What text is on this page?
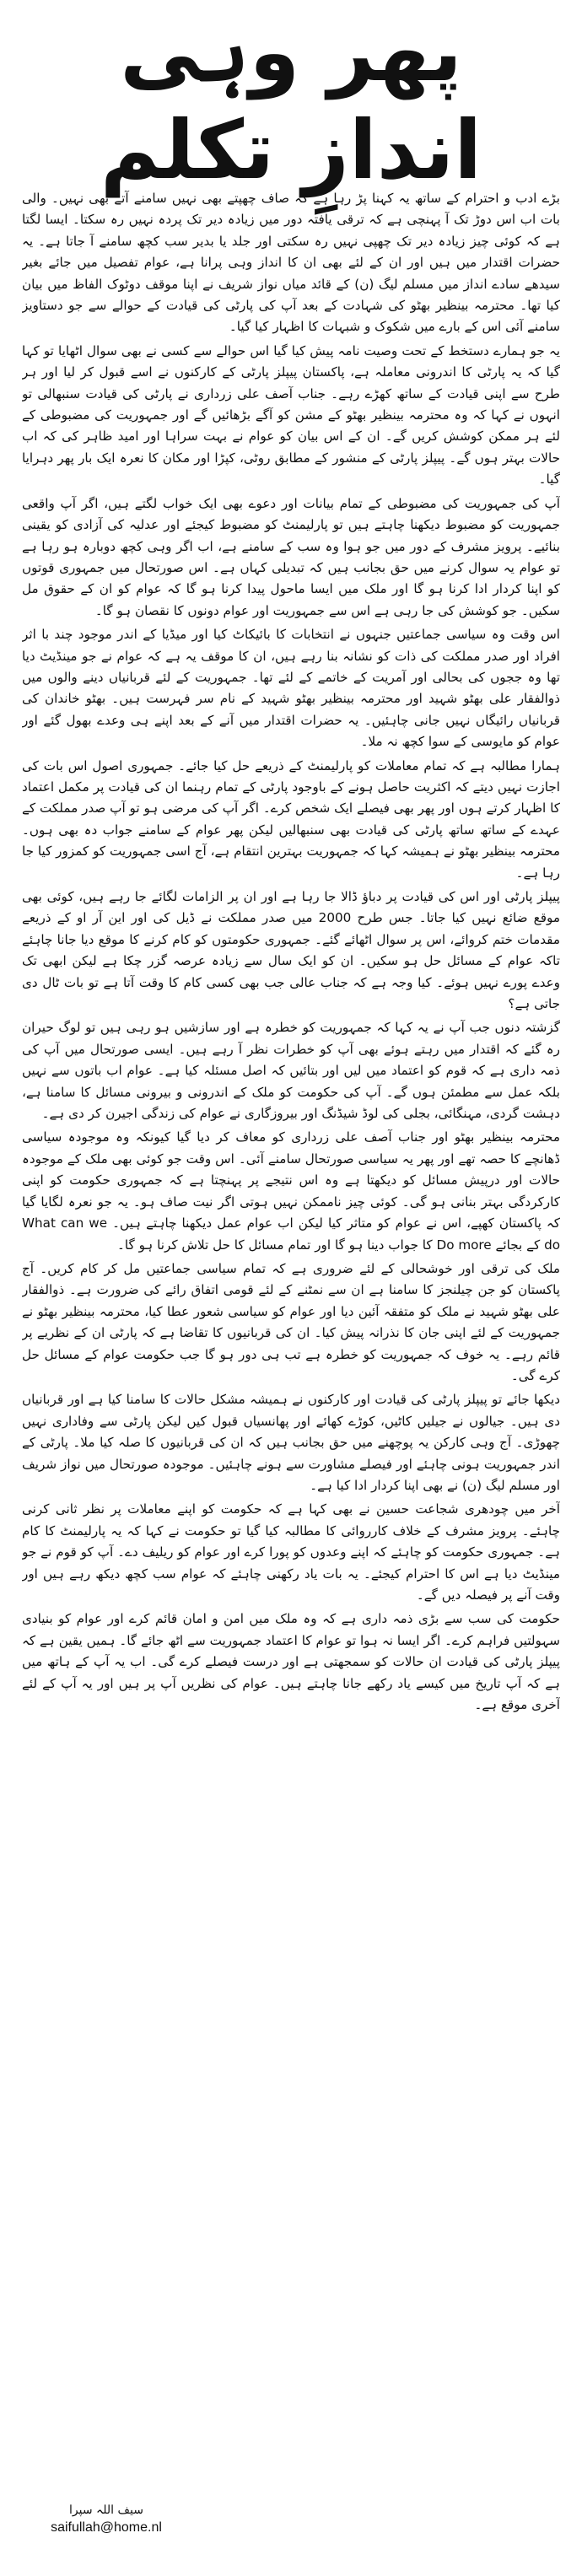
پھر وہی اندازِ تکلم

بڑے ادب و احترام کے ساتھ یہ کہنا پڑ رہا ہے کہ صاف چھپتے بھی نہیں سامنے آتے بھی نہیں۔ والی بات اب اس دوڑ تک آ پہنچی ہے کہ ترقی یافتہ دور میں زیادہ دیر تک پردہ نہیں رہ سکتا۔ ایسا لگتا ہے کہ کوئی چیز زیادہ دیر تک چھپی نہیں رہ سکتی اور جلد یا بدیر سب کچھ سامنے آ جاتا ہے۔ یہ حضرات اقتدار میں ہیں اور ان کے لئے بھی ان کا انداز وہی پرانا ہے، عوام تفصیل میں جائے بغیر سیدھے سادے انداز میں مسلم لیگ (ن) کے قائد میاں نواز شریف نے اپنا موقف دوٹوک الفاظ میں بیان کیا تھا۔ محترمہ بینظیر بھٹو کی شہادت کے بعد آپ کی پارٹی کی قیادت کے حوالے سے جو دستاویز سامنے آئی اس کے بارے میں شکوک و شبہات کا اظہار کیا گیا۔

یہ جو ہمارے دستخط کے تحت وصیت نامہ پیش کیا گیا اس حوالے سے کسی نے بھی سوال اٹھایا تو کہا گیا کہ یہ پارٹی کا اندرونی معاملہ ہے، پاکستان پیپلز پارٹی کے کارکنوں نے اسے قبول کر لیا اور ہر طرح سے اپنی قیادت کے ساتھ کھڑے رہے۔ جناب آصف علی زرداری نے پارٹی کی قیادت سنبھالی تو انہوں نے کہا کہ وہ محترمہ بینظیر بھٹو کے مشن کو آگے بڑھائیں گے اور جمہوریت کی مضبوطی کے لئے ہر ممکن کوشش کریں گے۔ ان کے اس بیان کو عوام نے بہت سراہا اور امید ظاہر کی کہ اب حالات بہتر ہوں گے۔ پیپلز پارٹی کے منشور کے مطابق روٹی، کپڑا اور مکان کا نعرہ ایک بار پھر دہرایا گیا۔

آپ کی جمہوریت کی مضبوطی کے تمام بیانات اور دعوے بھی ایک خواب لگتے ہیں، اگر آپ واقعی جمہوریت کو مضبوط دیکھنا چاہتے ہیں تو پارلیمنٹ کو مضبوط کیجئے اور عدلیہ کی آزادی کو یقینی بنائیے۔ پرویز مشرف کے دور میں جو ہوا وہ سب کے سامنے ہے، اب اگر وہی کچھ دوبارہ ہو رہا ہے تو عوام یہ سوال کرنے میں حق بجانب ہیں کہ تبدیلی کہاں ہے۔ اس صورتحال میں جمہوری قوتوں کو اپنا کردار ادا کرنا ہو گا اور ملک میں ایسا ماحول پیدا کرنا ہو گا کہ عوام کو ان کے حقوق مل سکیں۔ جو کوشش کی جا رہی ہے اس سے جمہوریت اور عوام دونوں کا نقصان ہو گا۔

اس وقت وہ سیاسی جماعتیں جنہوں نے انتخابات کا بائیکاٹ کیا اور میڈیا کے اندر موجود چند با اثر افراد اور صدر مملکت کی ذات کو نشانہ بنا رہے ہیں، ان کا موقف یہ ہے کہ عوام نے جو مینڈیٹ دیا تھا وہ ججوں کی بحالی اور آمریت کے خاتمے کے لئے تھا۔ جمہوریت کے لئے قربانیاں دینے والوں میں ذوالفقار علی بھٹو شہید اور محترمہ بینظیر بھٹو شہید کے نام سر فہرست ہیں۔ بھٹو خاندان کی قربانیاں رائیگاں نہیں جانی چاہئیں۔ یہ حضرات اقتدار میں آنے کے بعد اپنے ہی وعدے بھول گئے اور عوام کو مایوسی کے سوا کچھ نہ ملا۔

ہمارا مطالبہ ہے کہ تمام معاملات کو پارلیمنٹ کے ذریعے حل کیا جائے۔ جمہوری اصول اس بات کی اجازت نہیں دیتے کہ اکثریت حاصل ہونے کے باوجود پارٹی کے تمام رہنما ان کی قیادت پر مکمل اعتماد کا اظہار کرتے ہوں اور پھر بھی فیصلے ایک شخص کرے۔ اگر آپ کی مرضی ہو تو آپ صدر مملکت کے عہدے کے ساتھ ساتھ پارٹی کی قیادت بھی سنبھالیں لیکن پھر عوام کے سامنے جواب دہ بھی ہوں۔ محترمہ بینظیر بھٹو نے ہمیشہ کہا کہ جمہوریت بہترین انتقام ہے، آج اسی جمہوریت کو کمزور کیا جا رہا ہے۔

پیپلز پارٹی اور اس کی قیادت پر دباؤ ڈالا جا رہا ہے اور ان پر الزامات لگائے جا رہے ہیں، کوئی بھی موقع ضائع نہیں کیا جاتا۔ جس طرح 2000 میں صدر مملکت نے ڈیل کی اور این آر او کے ذریعے مقدمات ختم کروائے، اس پر سوال اٹھائے گئے۔ جمہوری حکومتوں کو کام کرنے کا موقع دیا جانا چاہئے تاکہ عوام کے مسائل حل ہو سکیں۔ ان کو ایک سال سے زیادہ عرصہ گزر چکا ہے لیکن ابھی تک وعدے پورے نہیں ہوئے۔ کیا وجہ ہے کہ جناب عالی جب بھی کسی کام کا وقت آتا ہے تو بات ٹال دی جاتی ہے؟

گزشتہ دنوں جب آپ نے یہ کہا کہ جمہوریت کو خطرہ ہے اور سازشیں ہو رہی ہیں تو لوگ حیران رہ گئے کہ اقتدار میں رہتے ہوئے بھی آپ کو خطرات نظر آ رہے ہیں۔ ایسی صورتحال میں آپ کی ذمہ داری ہے کہ قوم کو اعتماد میں لیں اور بتائیں کہ اصل مسئلہ کیا ہے۔ عوام اب باتوں سے نہیں بلکہ عمل سے مطمئن ہوں گے۔ آپ کی حکومت کو ملک کے اندرونی و بیرونی مسائل کا سامنا ہے، دہشت گردی، مہنگائی، بجلی کی لوڈ شیڈنگ اور بیروزگاری نے عوام کی زندگی اجیرن کر دی ہے۔

محترمہ بینظیر بھٹو اور جناب آصف علی زرداری کو معاف کر دیا گیا کیونکہ وہ موجودہ سیاسی ڈھانچے کا حصہ تھے اور پھر یہ سیاسی صورتحال سامنے آئی۔ اس وقت جو کوئی بھی ملک کے موجودہ حالات اور درپیش مسائل کو دیکھتا ہے وہ اس نتیجے پر پہنچتا ہے کہ جمہوری حکومت کو اپنی کارکردگی بہتر بنانی ہو گی۔ کوئی چیز ناممکن نہیں ہوتی اگر نیت صاف ہو۔ یہ جو نعرہ لگایا گیا کہ پاکستان کھپے، اس نے عوام کو متاثر کیا لیکن اب عوام عمل دیکھنا چاہتے ہیں۔ What can we do کے بجائے Do more کا جواب دینا ہو گا اور تمام مسائل کا حل تلاش کرنا ہو گا۔

ملک کی ترقی اور خوشحالی کے لئے ضروری ہے کہ تمام سیاسی جماعتیں مل کر کام کریں۔ آج پاکستان کو جن چیلنجز کا سامنا ہے ان سے نمٹنے کے لئے قومی اتفاق رائے کی ضرورت ہے۔ ذوالفقار علی بھٹو شہید نے ملک کو متفقہ آئین دیا اور عوام کو سیاسی شعور عطا کیا، محترمہ بینظیر بھٹو نے جمہوریت کے لئے اپنی جان کا نذرانہ پیش کیا۔ ان کی قربانیوں کا تقاضا ہے کہ پارٹی ان کے نظریے پر قائم رہے۔ یہ خوف کہ جمہوریت کو خطرہ ہے تب ہی دور ہو گا جب حکومت عوام کے مسائل حل کرے گی۔

دیکھا جائے تو پیپلز پارٹی کی قیادت اور کارکنوں نے ہمیشہ مشکل حالات کا سامنا کیا ہے اور قربانیاں دی ہیں۔ جیالوں نے جیلیں کاٹیں، کوڑے کھائے اور پھانسیاں قبول کیں لیکن پارٹی سے وفاداری نہیں چھوڑی۔ آج وہی کارکن یہ پوچھنے میں حق بجانب ہیں کہ ان کی قربانیوں کا صلہ کیا ملا۔ پارٹی کے اندر جمہوریت ہونی چاہئے اور فیصلے مشاورت سے ہونے چاہئیں۔ موجودہ صورتحال میں نواز شریف اور مسلم لیگ (ن) نے بھی اپنا کردار ادا کیا ہے۔

آخر میں چودھری شجاعت حسین نے بھی کہا ہے کہ حکومت کو اپنے معاملات پر نظر ثانی کرنی چاہئے۔ پرویز مشرف کے خلاف کارروائی کا مطالبہ کیا گیا تو حکومت نے کہا کہ یہ پارلیمنٹ کا کام ہے۔ جمہوری حکومت کو چاہئے کہ اپنے وعدوں کو پورا کرے اور عوام کو ریلیف دے۔ آپ کو قوم نے جو مینڈیٹ دیا ہے اس کا احترام کیجئے۔ یہ بات یاد رکھنی چاہئے کہ عوام سب کچھ دیکھ رہے ہیں اور وقت آنے پر فیصلہ دیں گے۔

حکومت کی سب سے بڑی ذمہ داری ہے کہ وہ ملک میں امن و امان قائم کرے اور عوام کو بنیادی سہولتیں فراہم کرے۔ اگر ایسا نہ ہوا تو عوام کا اعتماد جمہوریت سے اٹھ جائے گا۔ ہمیں یقین ہے کہ پیپلز پارٹی کی قیادت ان حالات کو سمجھتی ہے اور درست فیصلے کرے گی۔ اب یہ آپ کے ہاتھ میں ہے کہ آپ تاریخ میں کیسے یاد رکھے جانا چاہتے ہیں۔ عوام کی نظریں آپ پر ہیں اور یہ آپ کے لئے آخری موقع ہے۔

سیف اللہ سپرا
saifullah@home.nl
